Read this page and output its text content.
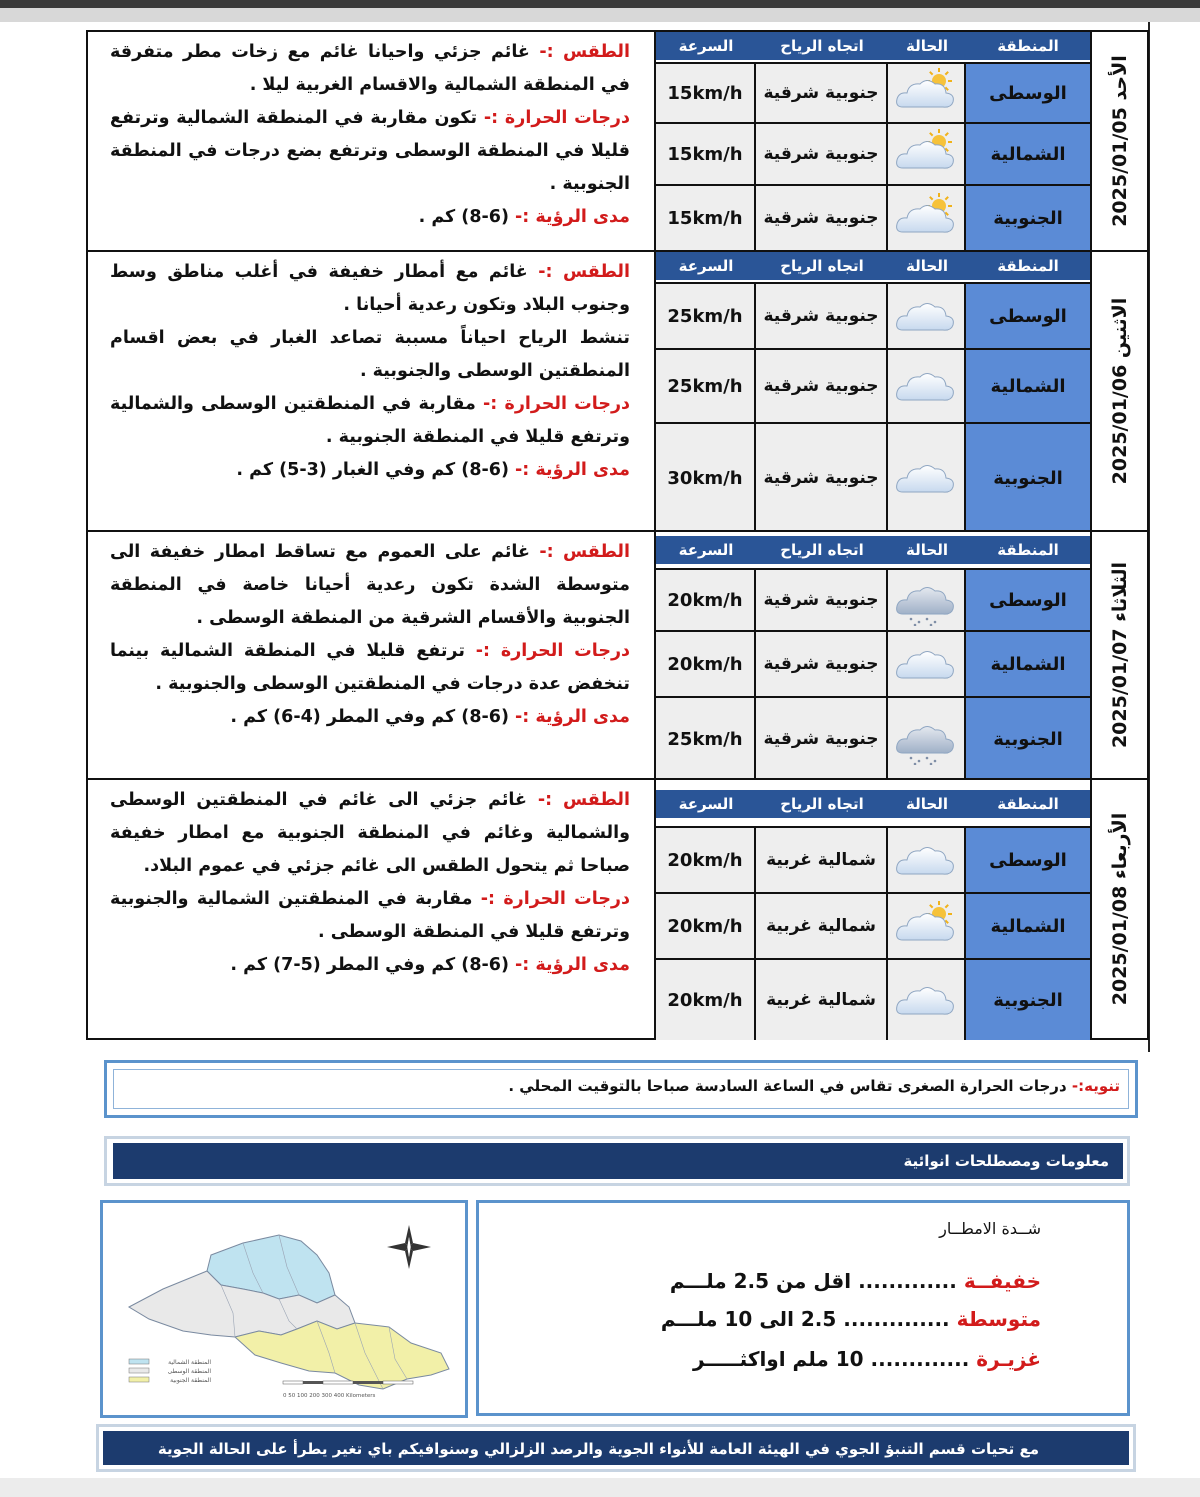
الطقس :- غائم جزئي واحيانا غائم مع زخات مطر متفرقة في المنطقة الشمالية والاقسام الغربية ليلا .

درجات الحرارة :- تكون مقاربة في المنطقة الشمالية وترتفع قليلا في المنطقة الوسطى وترتفع بضع درجات في المنطقة الجنوبية .

مدى الرؤية :- (6-8) كم .

السرعة	اتجاه الرياح	الحالة	المنطقة
15km/h	جنوبية شرقية	الوسطى
15km/h	جنوبية شرقية	الشمالية
15km/h	جنوبية شرقية	الجنوبية	الأحد 2025/01/05

الطقس :- غائم مع أمطار خفيفة في أغلب مناطق وسط وجنوب البلاد وتكون رعدية أحيانا .

تنشط الرياح احياناً مسببة تصاعد الغبار في بعض اقسام المنطقتين الوسطى والجنوبية .

درجات الحرارة :- مقاربة في المنطقتين الوسطى والشمالية وترتفع قليلا في المنطقة الجنوبية .

مدى الرؤية :- (6-8) كم وفي الغبار (3-5) كم .

السرعة	اتجاه الرياح	الحالة	المنطقة
25km/h	جنوبية شرقية	الوسطى
25km/h	جنوبية شرقية	الشمالية
30km/h	جنوبية شرقية	الجنوبية	الاثنين 2025/01/06

الطقس :- غائم على العموم مع تساقط امطار خفيفة الى متوسطة الشدة تكون رعدية أحيانا خاصة في المنطقة الجنوبية والأقسام الشرقية من المنطقة الوسطى .

درجات الحرارة :- ترتفع قليلا في المنطقة الشمالية بينما تنخفض عدة درجات في المنطقتين الوسطى والجنوبية .

مدى الرؤية :- (6-8) كم وفي المطر (4-6) كم .

السرعة	اتجاه الرياح	الحالة	المنطقة
20km/h	جنوبية شرقية	الوسطى
20km/h	جنوبية شرقية	الشمالية
25km/h	جنوبية شرقية	الجنوبية	الثلاثاء 2025/01/07

الطقس :- غائم جزئي الى غائم في المنطقتين الوسطى والشمالية وغائم في المنطقة الجنوبية مع امطار خفيفة صباحا ثم يتحول الطقس الى غائم جزئي في عموم البلاد.

درجات الحرارة :- مقاربة في المنطقتين الشمالية والجنوبية وترتفع قليلا في المنطقة الوسطى .

مدى الرؤية :- (6-8) كم وفي المطر (5-7) كم .

السرعة	اتجاه الرياح	الحالة	المنطقة
20km/h	شمالية غربية	الوسطى
20km/h	شمالية غربية	الشمالية
20km/h	شمالية غربية	الجنوبية	الأربعاء 2025/01/08
تنويه:- درجات الحرارة الصغرى تقاس في الساعة السادسة صباحا بالتوقيت المحلي .
معلومات ومصطلحات انوائية
0 50 100 200 300 400 Kilometers
المنطقة الشمالية
المنطقة الوسطى
المنطقة الجنوبية
شــدة الامطــار
خفيفــة ............. اقل من 2.5 ملـــم
متوسطة .............. 2.5 الى 10 ملـــم
غزيـرة ............. 10 ملم اواكثـــــر
مع تحيات قسم التنبؤ الجوي في الهيئة العامة للأنواء الجوية والرصد الزلزالي وسنوافيكم باي تغير يطرأ على الحالة الجوية
